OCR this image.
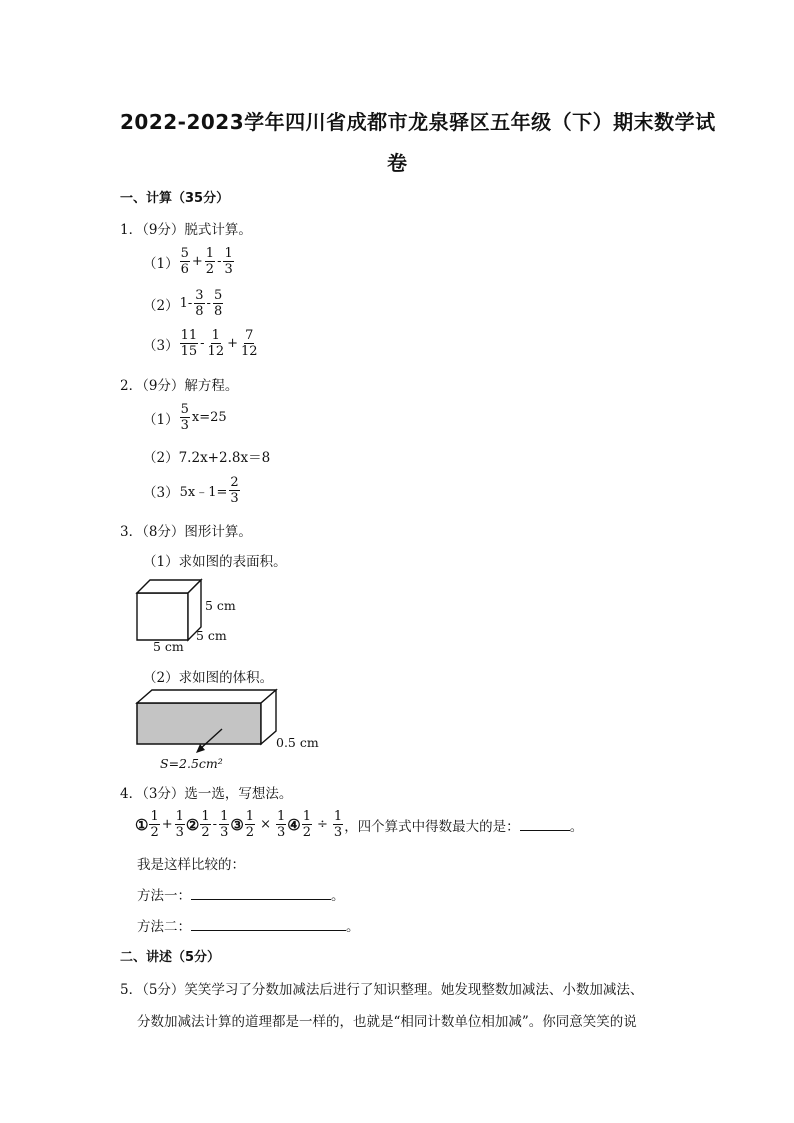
2022-2023学年四川省成都市龙泉驿区五年级（下）期末数学试
卷
一、计算（35分）
1．（9分）脱式计算。
$(1) \frac{5}{6} + \frac{1}{2} - \frac{1}{3}$
（2） $1- \frac{3}{8} - \frac{5}{8}$
$(3) \frac{11}{15} - \frac{1}{12} + \frac{7}{12}$
2．（9分）解方程。
$(1) \frac{5}{3} x=25$
（2） 7.2x+2.8x＝8
（3） 5x﹣1= $\frac{2}{3}$
3．（8分）图形计算。
（1）求如图的表面积。
5 cm
5 cm
5 cm
（2）求如图的体积。
0.5 cm
S=2.5cm²
4．（3分）选一选，写想法。
① $\frac{1}{2} + \frac{1}{3}$ ② $\frac{1}{2} - \frac{1}{3}$ ③ $\frac{1}{2} \times \frac{1}{3}$ ④ $\frac{1}{2} \div \frac{1}{3}$ ，四个算式中得数最大的是：	。
我是这样比较的：
方法一：	。
方法二：	。
二、讲述（5分）
5．（5分）笑笑学习了分数加减法后进行了知识整理。她发现整数加减法、小数加减法、
分数加减法计算的道理都是一样的，也就是“相同计数单位相加减”。你同意笑笑的说
